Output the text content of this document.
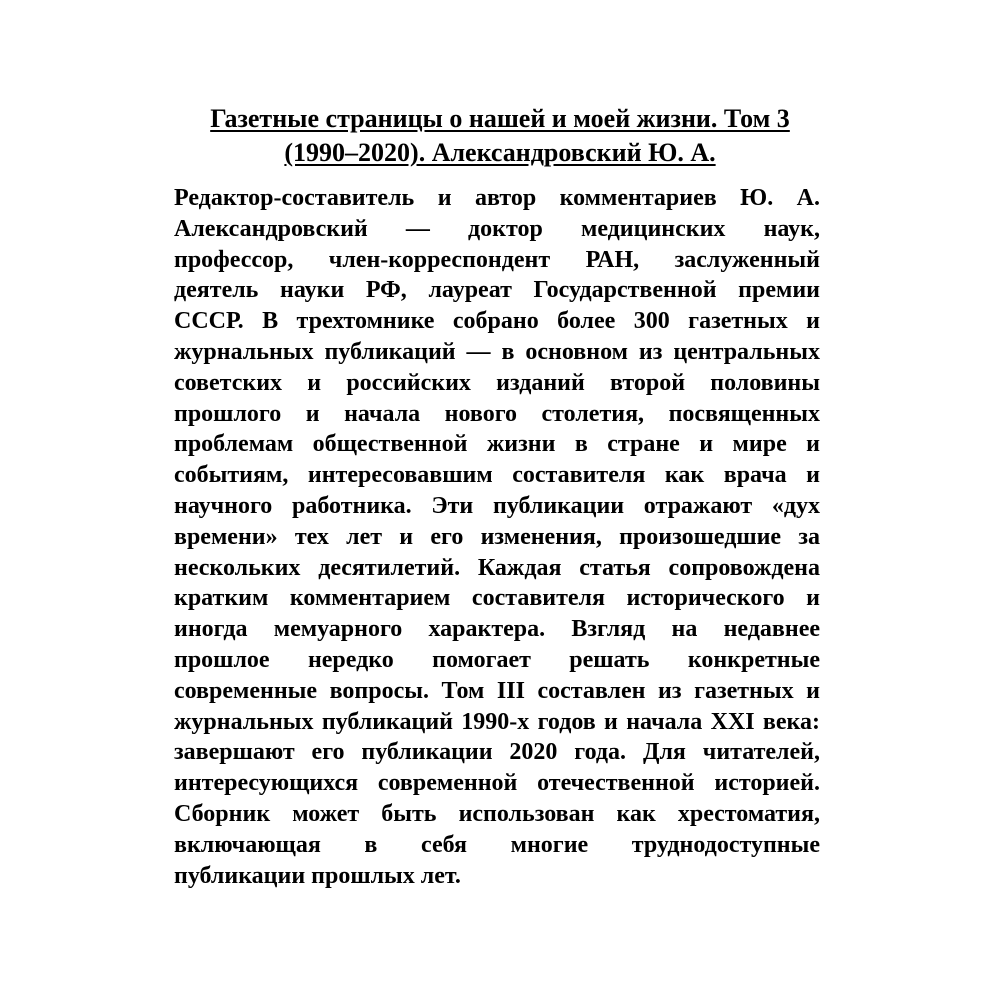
Газетные страницы о нашей и моей жизни. Том 3
(1990–2020). Александровский Ю. А.
Редактор-составитель и автор комментариев Ю. А.
Александровский — доктор медицинских наук,
профессор, член-корреспондент РАН, заслуженный
деятель науки РФ, лауреат Государственной премии
СССР. В трехтомнике собрано более 300 газетных и
журнальных публикаций — в основном из центральных
советских и российских изданий второй половины
прошлого и начала нового столетия, посвященных
проблемам общественной жизни в стране и мире и
событиям, интересовавшим составителя как врача и
научного работника. Эти публикации отражают «дух
времени» тех лет и его изменения, произошедшие за
нескольких десятилетий. Каждая статья сопровождена
кратким комментарием составителя исторического и
иногда мемуарного характера. Взгляд на недавнее
прошлое нередко помогает решать конкретные
современные вопросы. Том III составлен из газетных и
журнальных публикаций 1990-х годов и начала XXI века:
завершают его публикации 2020 года. Для читателей,
интересующихся современной отечественной историей.
Сборник может быть использован как хрестоматия,
включающая в себя многие труднодоступные
публикации прошлых лет.
